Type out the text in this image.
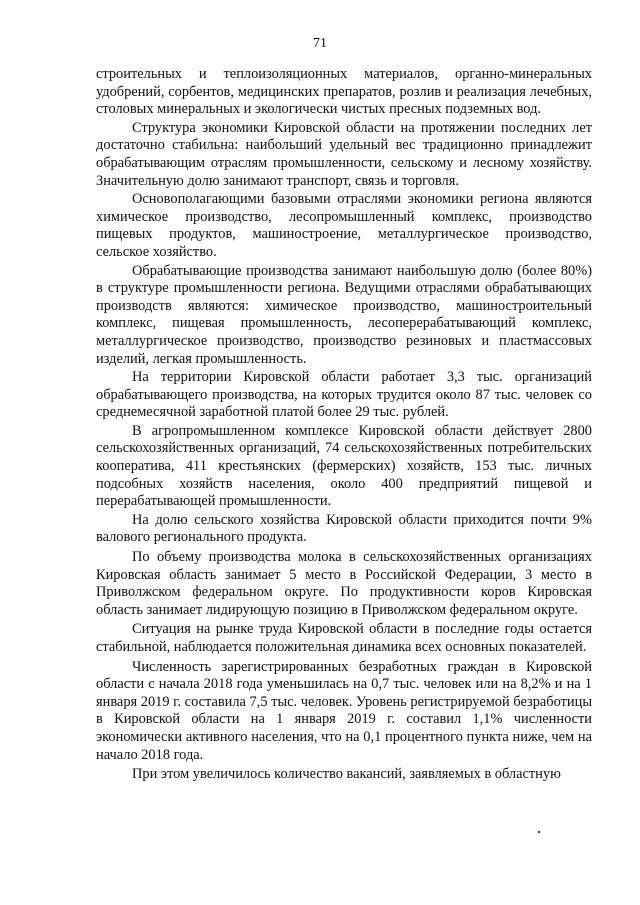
71

строительных и теплоизоляционных материалов, органно-минеральных удобрений, сорбентов, медицинских препаратов, розлив и реализация лечебных, столовых минеральных и экологически чистых пресных подземных вод.

Структура экономики Кировской области на протяжении последних лет достаточно стабильна: наибольший удельный вес традиционно принадлежит обрабатывающим отраслям промышленности, сельскому и лесному хозяйству. Значительную долю занимают транспорт, связь и торговля.

Основополагающими базовыми отраслями экономики региона являются химическое производство, лесопромышленный комплекс, производство пищевых продуктов, машиностроение, металлургическое производство, сельское хозяйство.

Обрабатывающие производства занимают наибольшую долю (более 80%) в структуре промышленности региона. Ведущими отраслями обрабатывающих производств являются: химическое производство, машиностроительный комплекс, пищевая промышленность, лесоперерабатывающий комплекс, металлургическое производство, производство резиновых и пластмассовых изделий, легкая промышленность.

На территории Кировской области работает 3,3 тыс. организаций обрабатывающего производства, на которых трудится около 87 тыс. человек со среднемесячной заработной платой более 29 тыс. рублей.

В агропромышленном комплексе Кировской области действует 2800 сельскохозяйственных организаций, 74 сельскохозяйственных потребительских кооператива, 411 крестьянских (фермерских) хозяйств, 153 тыс. личных подсобных хозяйств населения, около 400 предприятий пищевой и перерабатывающей промышленности.

На долю сельского хозяйства Кировской области приходится почти 9% валового регионального продукта.

По объему производства молока в сельскохозяйственных организациях Кировская область занимает 5 место в Российской Федерации, 3 место в Приволжском федеральном округе. По продуктивности коров Кировская область занимает лидирующую позицию в Приволжском федеральном округе.

Ситуация на рынке труда Кировской области в последние годы остается стабильной, наблюдается положительная динамика всех основных показателей.

Численность зарегистрированных безработных граждан в Кировской области с начала 2018 года уменьшилась на 0,7 тыс. человек или на 8,2% и на 1 января 2019 г. составила 7,5 тыс. человек. Уровень регистрируемой безработицы в Кировской области на 1 января 2019 г. составил 1,1% численности экономически активного населения, что на 0,1 процентного пункта ниже, чем на начало 2018 года.

При этом увеличилось количество вакансий, заявляемых в областную
